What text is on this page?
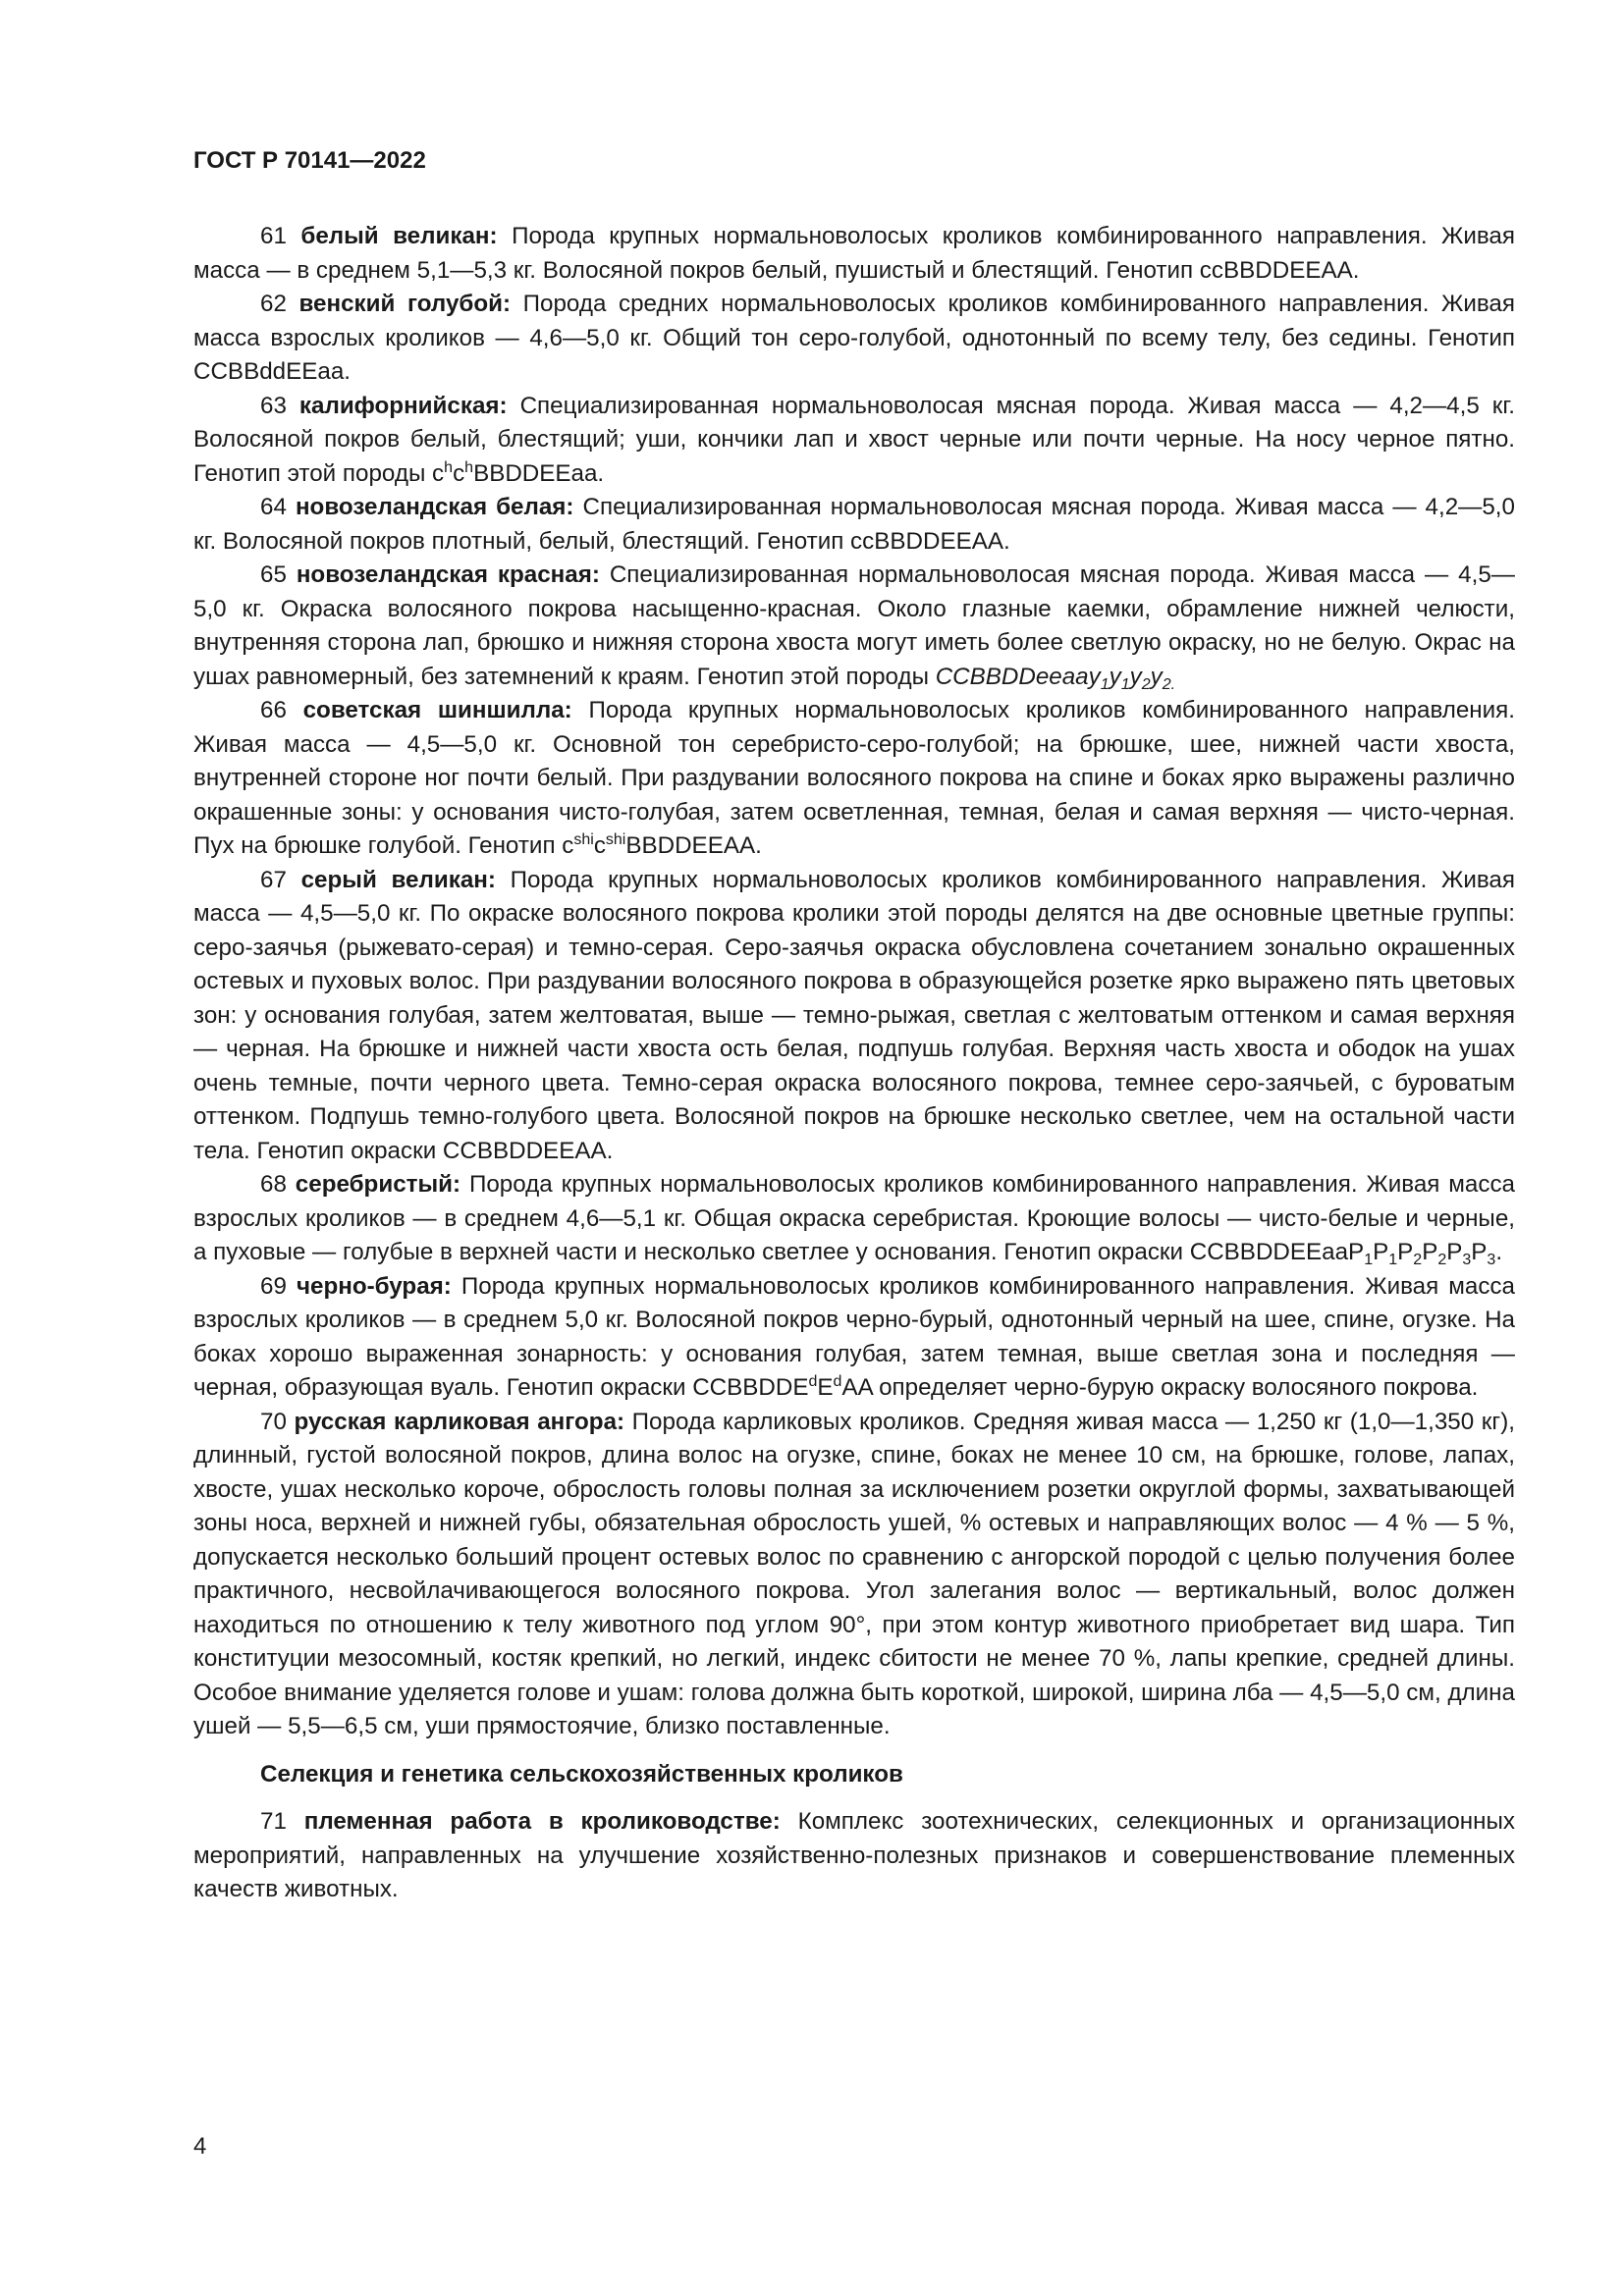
ГОСТ Р 70141—2022

61 белый великан: Порода крупных нормальноволосых кроликов комбинированного направления. Живая масса — в среднем 5,1—5,3 кг. Волосяной покров белый, пушистый и блестящий. Генотип ccBBDDEEAA.

62 венский голубой: Порода средних нормальноволосых кроликов комбинированного направления. Живая масса взрослых кроликов — 4,6—5,0 кг. Общий тон серо-голубой, однотонный по всему телу, без седины. Генотип CCBBddEEaa.

63 калифорнийская: Специализированная нормальноволосая мясная порода. Живая масса — 4,2—4,5 кг. Волосяной покров белый, блестящий; уши, кончики лап и хвост черные или почти черные. На носу черное пятно. Генотип этой породы $c^hc^hBBDDEEaa$.

64 новозеландская белая: Специализированная нормальноволосая мясная порода. Живая масса — 4,2—5,0 кг. Волосяной покров плотный, белый, блестящий. Генотип ccBBDDEEAA.

65 новозеландская красная: Специализированная нормальноволосая мясная порода. Живая масса — 4,5—5,0 кг. Окраска волосяного покрова насыщенно-красная. Около глазные каемки, обрамление нижней челюсти, внутренняя сторона лап, брюшко и нижняя сторона хвоста могут иметь более светлую окраску, но не белую. Окрас на ушах равномерный, без затемнений к краям. Генотип этой породы $CCBBDDeeaay_1y_1y_2y_{2.}$

66 советская шиншилла: Порода крупных нормальноволосых кроликов комбинированного направления. Живая масса — 4,5—5,0 кг. Основной тон серебристо-серо-голубой; на брюшке, шее, нижней части хвоста, внутренней стороне ног почти белый. При раздувании волосяного покрова на спине и боках ярко выражены различно окрашенные зоны: у основания чисто-голубая, затем осветленная, темная, белая и самая верхняя — чисто-черная. Пух на брюшке голубой. Генотип $c^{shi}c^{shi}BBDDEEAA$.

67 серый великан: Порода крупных нормальноволосых кроликов комбинированного направления. Живая масса — 4,5—5,0 кг. По окраске волосяного покрова кролики этой породы делятся на две основные цветные группы: серо-заячья (рыжевато-серая) и темно-серая. Серо-заячья окраска обусловлена сочетанием зонально окрашенных остевых и пуховых волос. При раздувании волосяного покрова в образующейся розетке ярко выражено пять цветовых зон: у основания голубая, затем желтоватая, выше — темно-рыжая, светлая с желтоватым оттенком и самая верхняя — черная. На брюшке и нижней части хвоста ость белая, подпушь голубая. Верхняя часть хвоста и ободок на ушах очень темные, почти черного цвета. Темно-серая окраска волосяного покрова, темнее серо-заячьей, с буроватым оттенком. Подпушь темно-голубого цвета. Волосяной покров на брюшке несколько светлее, чем на остальной части тела. Генотип окраски CCBBDDEEAA.

68 серебристый: Порода крупных нормальноволосых кроликов комбинированного направления. Живая масса взрослых кроликов — в среднем 4,6—5,1 кг. Общая окраска серебристая. Кроющие волосы — чисто-белые и черные, а пуховые — голубые в верхней части и несколько светлее у основания. Генотип окраски $CCBBDDEEaaP_1P_1P_2P_2P_3P_3$.

69 черно-бурая: Порода крупных нормальноволосых кроликов комбинированного направления. Живая масса взрослых кроликов — в среднем 5,0 кг. Волосяной покров черно-бурый, однотонный черный на шее, спине, огузке. На боках хорошо выраженная зонарность: у основания голубая, затем темная, выше светлая зона и последняя — черная, образующая вуаль. Генотип окраски $CCBBDDE^dE^dAA$ определяет черно-бурую окраску волосяного покрова.

70 русская карликовая ангора: Порода карликовых кроликов. Средняя живая масса — 1,250 кг (1,0—1,350 кг), длинный, густой волосяной покров, длина волос на огузке, спине, боках не менее 10 см, на брюшке, голове, лапах, хвосте, ушах несколько короче, оброслость головы полная за исключением розетки округлой формы, захватывающей зоны носа, верхней и нижней губы, обязательная оброслость ушей, % остевых и направляющих волос — 4 % — 5 %, допускается несколько больший процент остевых волос по сравнению с ангорской породой с целью получения более практичного, несвойлачивающегося волосяного покрова. Угол залегания волос — вертикальный, волос должен находиться по отношению к телу животного под углом 90°, при этом контур животного приобретает вид шара. Тип конституции мезосомный, костяк крепкий, но легкий, индекс сбитости не менее 70 %, лапы крепкие, средней длины. Особое внимание уделяется голове и ушам: голова должна быть короткой, широкой, ширина лба — 4,5—5,0 см, длина ушей — 5,5—6,5 см, уши прямостоячие, близко поставленные.

Селекция и генетика сельскохозяйственных кроликов

71 племенная работа в кролиководстве: Комплекс зоотехнических, селекционных и организационных мероприятий, направленных на улучшение хозяйственно-полезных признаков и совершенствование племенных качеств животных.

4
